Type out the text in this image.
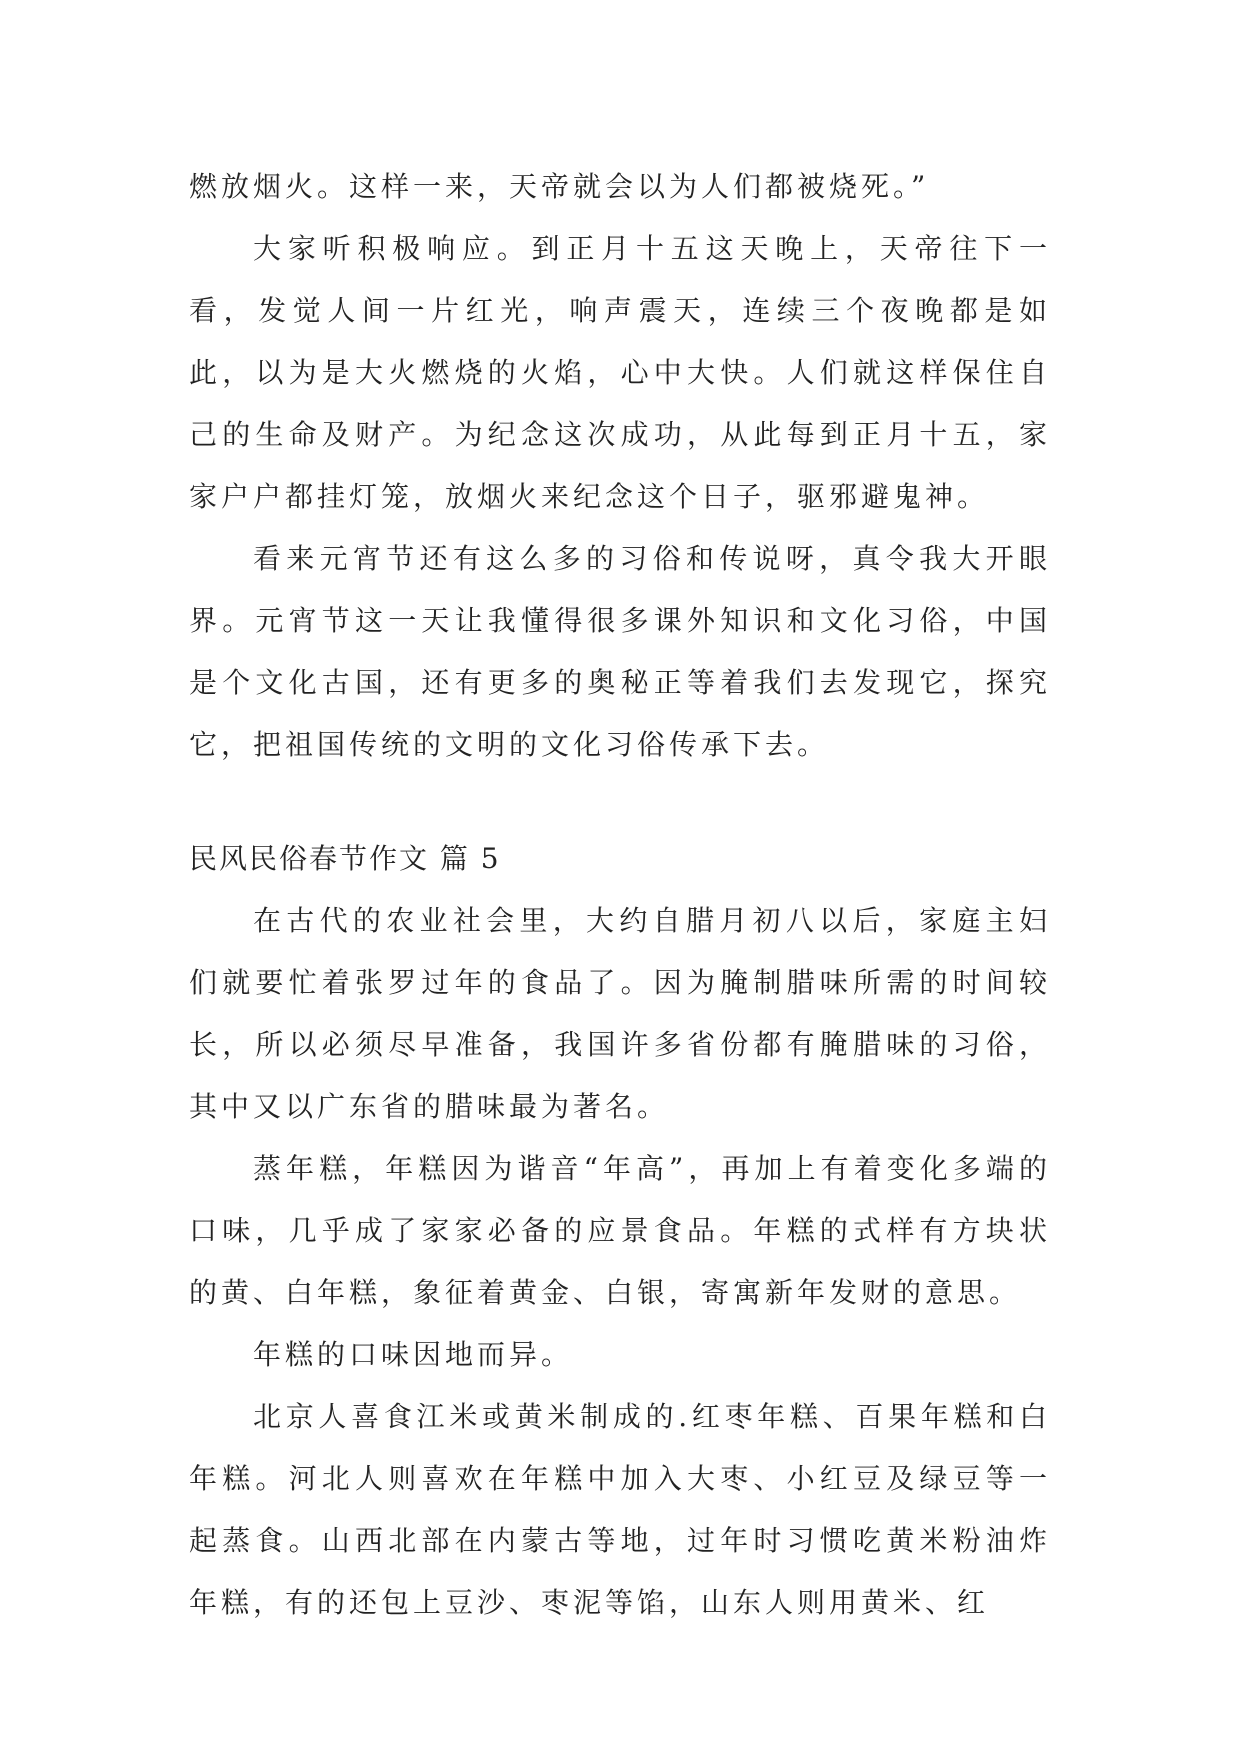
燃放烟火。这样一来，天帝就会以为人们都被烧死。”

大家听积极响应。到正月十五这天晚上，天帝往下一看，发觉人间一片红光，响声震天，连续三个夜晚都是如此，以为是大火燃烧的火焰，心中大快。人们就这样保住自己的生命及财产。为纪念这次成功，从此每到正月十五，家家户户都挂灯笼，放烟火来纪念这个日子，驱邪避鬼神。

看来元宵节还有这么多的习俗和传说呀，真令我大开眼界。元宵节这一天让我懂得很多课外知识和文化习俗，中国是个文化古国，还有更多的奥秘正等着我们去发现它，探究它，把祖国传统的文明的文化习俗传承下去。

民风民俗春节作文 篇 5

在古代的农业社会里，大约自腊月初八以后，家庭主妇们就要忙着张罗过年的食品了。因为腌制腊味所需的时间较长，所以必须尽早准备，我国许多省份都有腌腊味的习俗，其中又以广东省的腊味最为著名。

蒸年糕，年糕因为谐音“年高”，再加上有着变化多端的口味，几乎成了家家必备的应景食品。年糕的式样有方块状的黄、白年糕，象征着黄金、白银，寄寓新年发财的意思。

年糕的口味因地而异。

北京人喜食江米或黄米制成的.红枣年糕、百果年糕和白年糕。河北人则喜欢在年糕中加入大枣、小红豆及绿豆等一起蒸食。山西北部在内蒙古等地，过年时习惯吃黄米粉油炸年糕，有的还包上豆沙、枣泥等馅，山东人则用黄米、红
